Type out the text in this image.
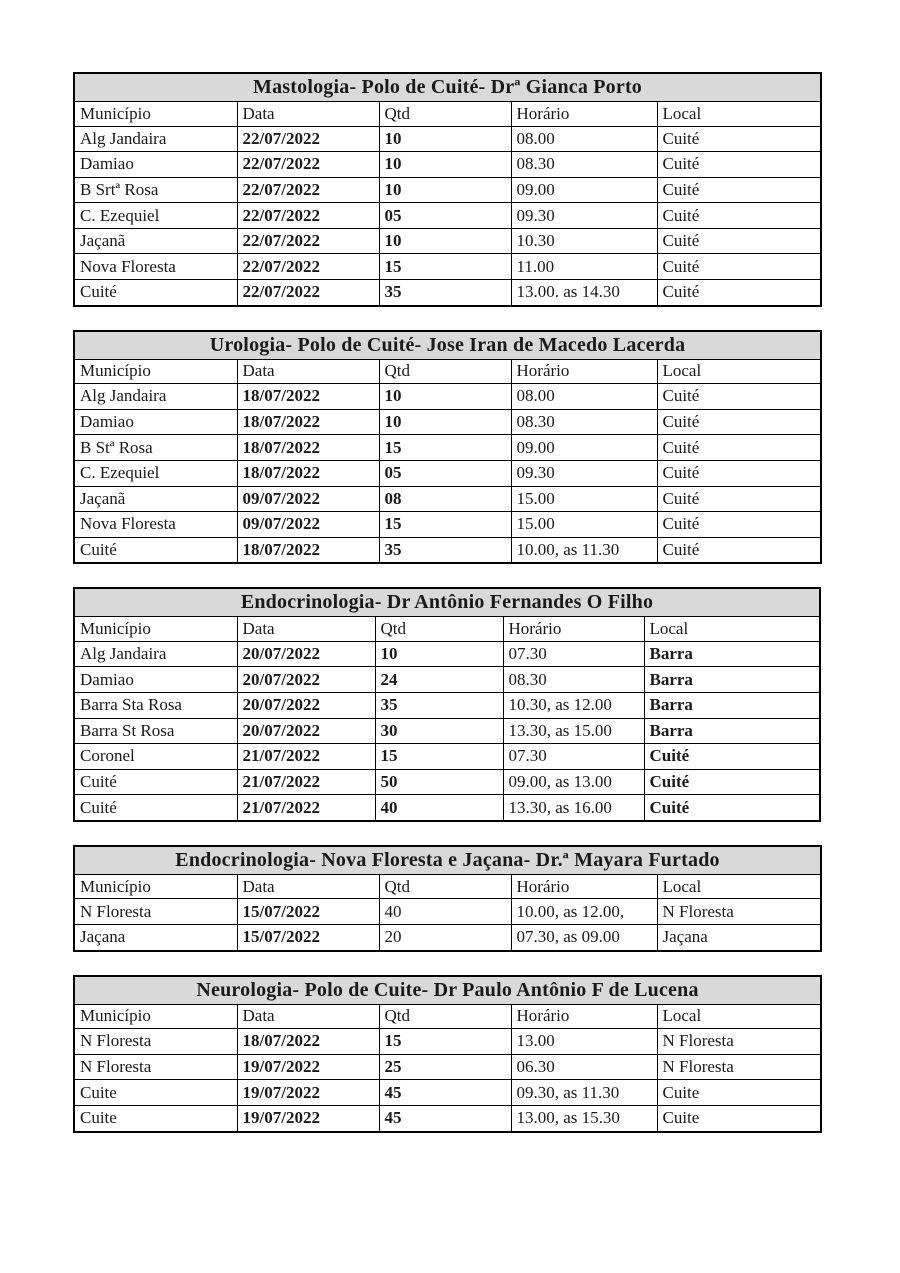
Mastologia- Polo de Cuité- Drª Gianca Porto				
Município	Data	Qtd	Horário	Local
Alg Jandaira	22/07/2022	10	08.00	Cuité
Damiao	22/07/2022	10	08.30	Cuité
B Srtª Rosa	22/07/2022	10	09.00	Cuité
C. Ezequiel	22/07/2022	05	09.30	Cuité
Jaçanã	22/07/2022	10	10.30	Cuité
Nova Floresta	22/07/2022	15	11.00	Cuité
Cuité	22/07/2022	35	13.00. as 14.30	Cuité
Urologia- Polo de Cuité- Jose Iran de Macedo Lacerda				
Município	Data	Qtd	Horário	Local
Alg Jandaira	18/07/2022	10	08.00	Cuité
Damiao	18/07/2022	10	08.30	Cuité
B Stª Rosa	18/07/2022	15	09.00	Cuité
C. Ezequiel	18/07/2022	05	09.30	Cuité
Jaçanã	09/07/2022	08	15.00	Cuité
Nova Floresta	09/07/2022	15	15.00	Cuité
Cuité	18/07/2022	35	10.00, as 11.30	Cuité
Endocrinologia- Dr Antônio Fernandes O Filho				
Município	Data	Qtd	Horário	Local
Alg Jandaira	20/07/2022	10	07.30	Barra
Damiao	20/07/2022	24	08.30	Barra
Barra Sta Rosa	20/07/2022	35	10.30, as 12.00	Barra
Barra St Rosa	20/07/2022	30	13.30, as 15.00	Barra
Coronel	21/07/2022	15	07.30	Cuité
Cuité	21/07/2022	50	09.00, as 13.00	Cuité
Cuité	21/07/2022	40	13.30, as 16.00	Cuité
Endocrinologia- Nova Floresta e Jaçana- Dr.ª Mayara Furtado				
Município	Data	Qtd	Horário	Local
N Floresta	15/07/2022	40	10.00, as 12.00,	N Floresta
Jaçana	15/07/2022	20	07.30, as 09.00	Jaçana
Neurologia- Polo de Cuite- Dr Paulo Antônio F de Lucena				
Município	Data	Qtd	Horário	Local
N Floresta	18/07/2022	15	13.00	N Floresta
N Floresta	19/07/2022	25	06.30	N Floresta
Cuite	19/07/2022	45	09.30, as 11.30	Cuite
Cuite	19/07/2022	45	13.00, as 15.30	Cuite
